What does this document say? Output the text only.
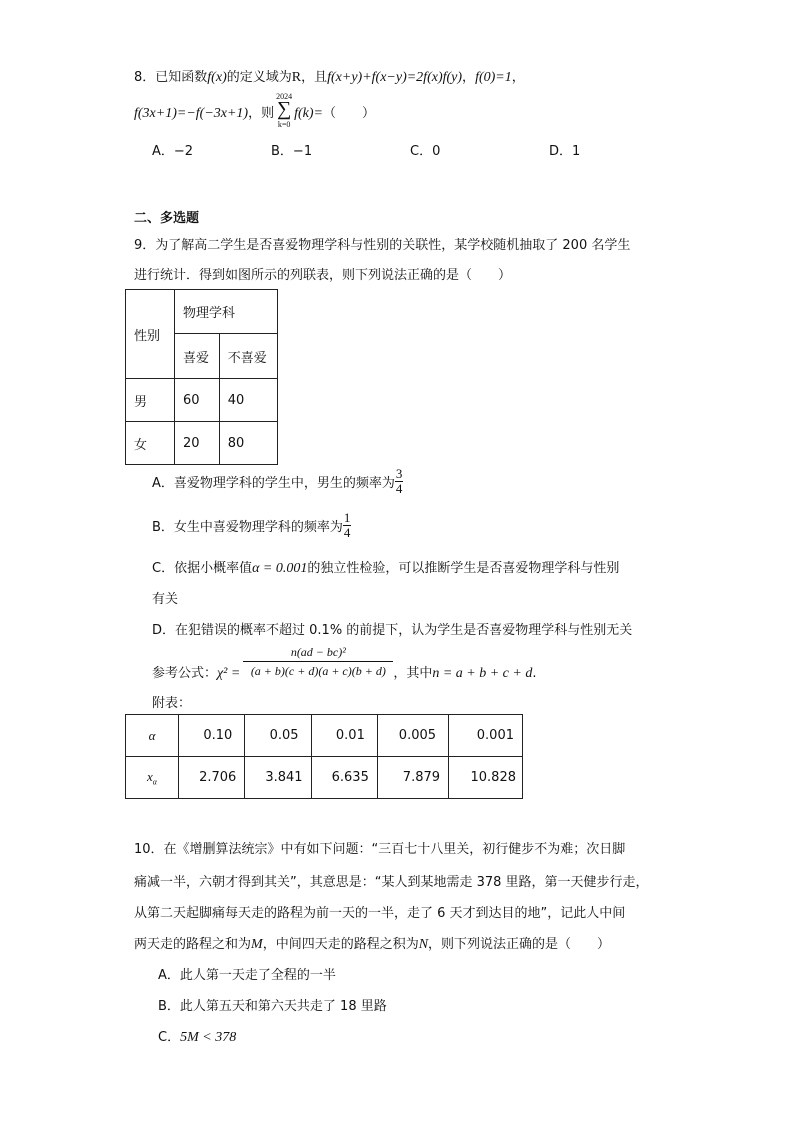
8．已知函数f(x)的定义域为R，且f(x+y)+f(x−y)=2f(x)f(y)，f(0)=1，
f(3x+1)=−f(−3x+1)，则
2024
∑
k=0
f(k)=（　　）
A．−2	B．−1	C．0	D．1
二、多选题
9．为了解高二学生是否喜爱物理学科与性别的关联性，某学校随机抽取了 200 名学生
进行统计．得到如图所示的列联表，则下列说法正确的是（　　）
性别	物理学科	
	喜爱	不喜爱
男	60	40
女	20	80
A．喜爱物理学科的学生中，男生的频率为 $\frac{3}{4}$
B．女生中喜爱物理学科的频率为 $\frac{1}{4}$
C．依据小概率值α = 0.001的独立性检验，可以推断学生是否喜爱物理学科与性别
有关
D．在犯错误的概率不超过 0.1% 的前提下，认为学生是否喜爱物理学科与性别无关
参考公式：$\chi^2 = \frac{\text{n(ad − bc)²}}{(a + b)(c + d)(a + c)(b + d)}$ ，其中n = a + b + c + d.
附表：
α	0.10	0.05	0.01	0.005	0.001
$x_\alpha$	2.706	3.841	6.635	7.879	10.828
10．在《增删算法统宗》中有如下问题：“三百七十八里关，初行健步不为难；次日脚
痛减一半，六朝才得到其关”，其意思是：“某人到某地需走 378 里路，第一天健步行走，
从第二天起脚痛每天走的路程为前一天的一半，走了 6 天才到达目的地”，记此人中间
两天走的路程之和为M，中间四天走的路程之积为N，则下列说法正确的是（　　）
A．此人第一天走了全程的一半
B．此人第五天和第六天共走了 18 里路
C．5M < 378
